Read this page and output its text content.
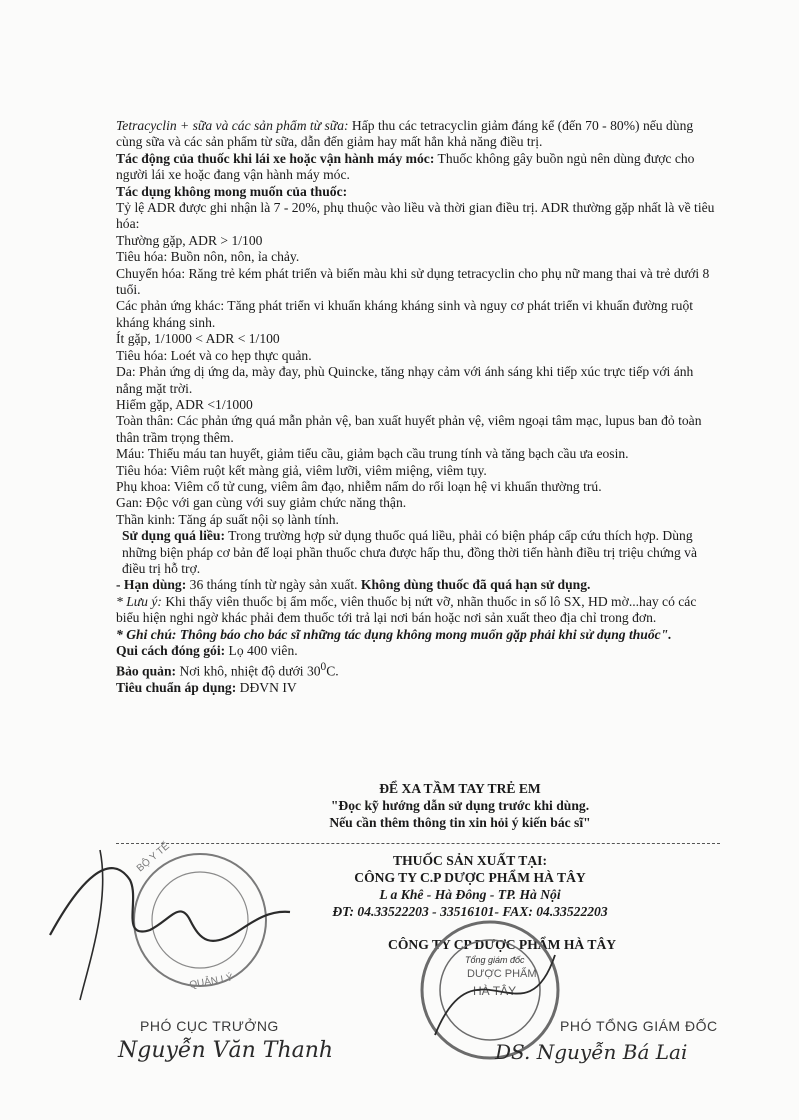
Tetracyclin + sữa và các sản phẩm từ sữa: Hấp thu các tetracyclin giảm đáng kể (đến 70 - 80%) nếu dùng cùng sữa và các sản phẩm từ sữa, dẫn đến giảm hay mất hẳn khả năng điều trị.

Tác động của thuốc khi lái xe hoặc vận hành máy móc: Thuốc không gây buồn ngủ nên dùng được cho người lái xe hoặc đang vận hành máy móc.

Tác dụng không mong muốn của thuốc:

Tỷ lệ ADR được ghi nhận là 7 - 20%, phụ thuộc vào liều và thời gian điều trị. ADR thường gặp nhất là về tiêu hóa:

Thường gặp, ADR > 1/100

Tiêu hóa: Buồn nôn, nôn, ỉa chảy.

Chuyển hóa: Răng trẻ kém phát triển và biến màu khi sử dụng tetracyclin cho phụ nữ mang thai và trẻ dưới 8 tuổi.

Các phản ứng khác: Tăng phát triển vi khuẩn kháng kháng sinh và nguy cơ phát triển vi khuẩn đường ruột kháng kháng sinh.

Ít gặp, 1/1000 < ADR < 1/100

Tiêu hóa: Loét và co hẹp thực quản.

Da: Phản ứng dị ứng da, mày đay, phù Quincke, tăng nhạy cảm với ánh sáng khi tiếp xúc trực tiếp với ánh nắng mặt trời.

Hiếm gặp, ADR <1/1000

Toàn thân: Các phản ứng quá mẫn phản vệ, ban xuất huyết phản vệ, viêm ngoại tâm mạc, lupus ban đỏ toàn thân trầm trọng thêm.

Máu: Thiếu máu tan huyết, giảm tiểu cầu, giảm bạch cầu trung tính và tăng bạch cầu ưa eosin.

Tiêu hóa: Viêm ruột kết màng giả, viêm lưỡi, viêm miệng, viêm tụy.

Phụ khoa: Viêm cổ tử cung, viêm âm đạo, nhiễm nấm do rối loạn hệ vi khuẩn thường trú.

Gan: Độc với gan cùng với suy giảm chức năng thận.

Thần kinh: Tăng áp suất nội sọ lành tính.

Sử dụng quá liều: Trong trường hợp sử dụng thuốc quá liều, phải có biện pháp cấp cứu thích hợp. Dùng những biện pháp cơ bản để loại phần thuốc chưa được hấp thu, đồng thời tiến hành điều trị triệu chứng và điều trị hỗ trợ.

- Hạn dùng: 36 tháng tính từ ngày sản xuất. Không dùng thuốc đã quá hạn sử dụng.

* Lưu ý: Khi thấy viên thuốc bị ẩm mốc, viên thuốc bị nứt vỡ, nhãn thuốc in số lô SX, HD mờ...hay có các biểu hiện nghi ngờ khác phải đem thuốc tới trả lại nơi bán hoặc nơi sản xuất theo địa chỉ trong đơn.

* Ghi chú: Thông báo cho bác sĩ những tác dụng không mong muốn gặp phải khi sử dụng thuốc".

Qui cách đóng gói: Lọ 400 viên.

Bảo quản: Nơi khô, nhiệt độ dưới $30^0C$.

Tiêu chuẩn áp dụng: DĐVN IV

ĐỂ XA TẦM TAY TRẺ EM
"Đọc kỹ hướng dẫn sử dụng trước khi dùng.
Nếu cần thêm thông tin xin hỏi ý kiến bác sĩ"
THUỐC SẢN XUẤT TẠI:
CÔNG TY C.P DƯỢC PHẨM HÀ TÂY
L a Khê - Hà Đông - TP. Hà Nội
ĐT: 04.33522203 - 33516101- FAX: 04.33522203
CÔNG TY CP DƯỢC PHẨM HÀ TÂY
BỘ Y TẾ
QUẢN LÝ	DƯỢC PHẨM
HÀ TÂY
Tổng giám đốc
PHÓ CỤC TRƯỞNG
Nguyễn Văn Thanh
PHÓ TỔNG GIÁM ĐỐC
DS. Nguyễn Bá Lai
